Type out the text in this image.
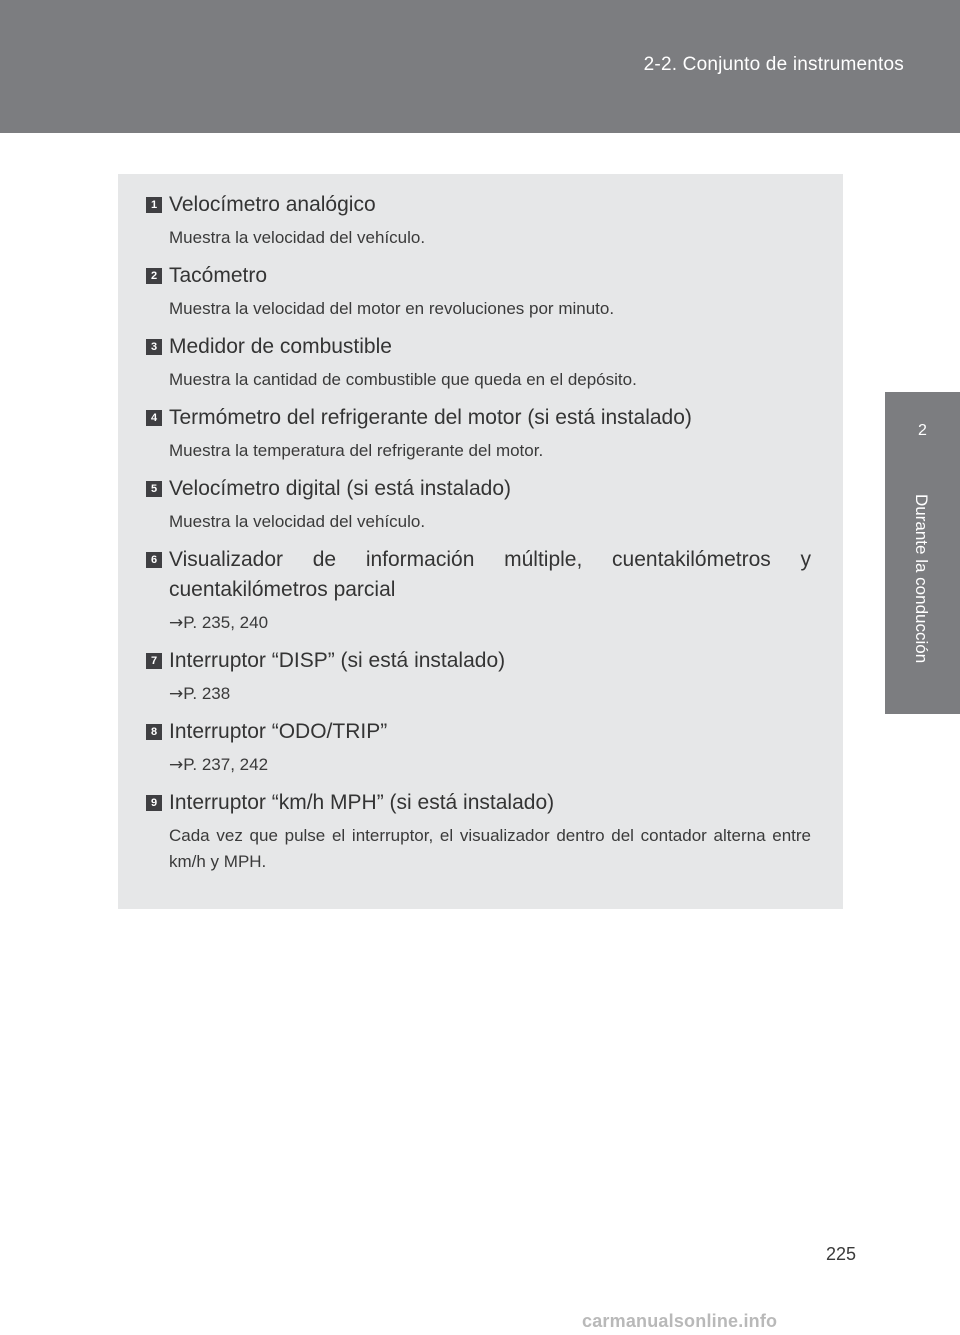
2-2. Conjunto de instrumentos
2
Durante la conducción
1 Velocímetro analógico
Muestra la velocidad del vehículo.
2 Tacómetro
Muestra la velocidad del motor en revoluciones por minuto.
3 Medidor de combustible
Muestra la cantidad de combustible que queda en el depósito.
4 Termómetro del refrigerante del motor (si está instalado)
Muestra la temperatura del refrigerante del motor.
5 Velocímetro digital (si está instalado)
Muestra la velocidad del vehículo.
6 Visualizador de información múltiple, cuentakilómetros y cuentakilómetros parcial
→P. 235, 240
7 Interruptor “DISP” (si está instalado)
→P. 238
8 Interruptor “ODO/TRIP”
→P. 237, 242
9 Interruptor “km/h MPH” (si está instalado)
Cada vez que pulse el interruptor, el visualizador dentro del contador alterna entre km/h y MPH.
225
carmanualsonline.info
